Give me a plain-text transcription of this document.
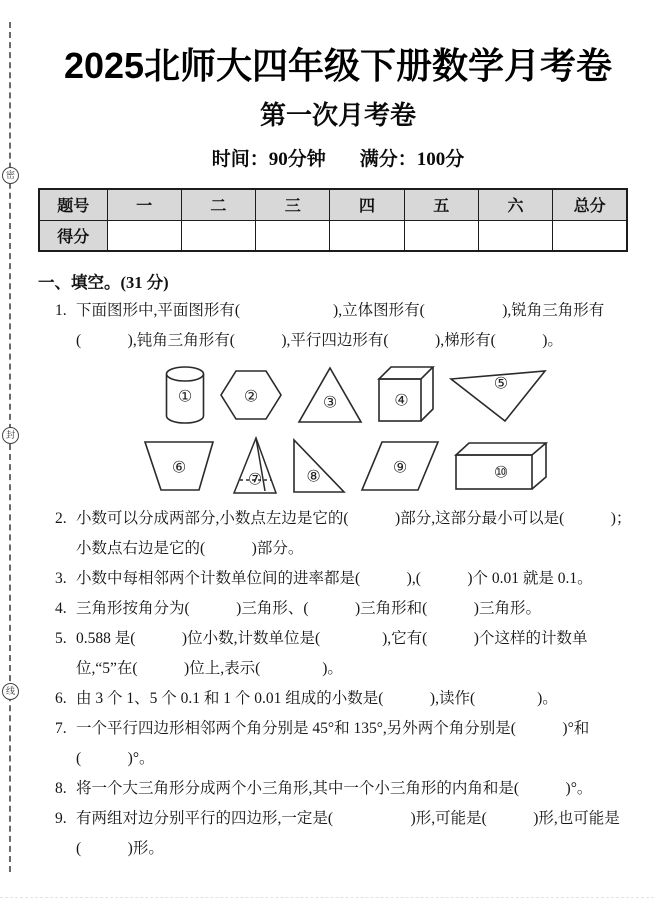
密
封
线
2025北师大四年级下册数学月考卷
第一次月考卷
时间：90分钟 满分：100分
题号	一	二	三	四	五	六	总分
得分							
一、填空。(31 分)
1. 下面图形中,平面图形有(　　　　　　),立体图形有(　　　　　),锐角三角形有
(　　　),钝角三角形有(　　　),平行四边形有(　　　),梯形有(　　　)。
①	②	③	④
⑤
⑥
⑦	⑧	⑨	⑩
2. 小数可以分成两部分,小数点左边是它的(　　　)部分,这部分最小可以是(　　　)；
小数点右边是它的(　　　)部分。
3. 小数中每相邻两个计数单位间的进率都是(　　　),(　　　)个 0.01 就是 0.1。
4. 三角形按角分为(　　　)三角形、(　　　)三角形和(　　　)三角形。
5. 0.588 是(　　　)位小数,计数单位是(　　　　),它有(　　　)个这样的计数单
位,“5”在(　　　)位上,表示(　　　　)。
6. 由 3 个 1、5 个 0.1 和 1 个 0.01 组成的小数是(　　　),读作(　　　　)。
7. 一个平行四边形相邻两个角分别是 45°和 135°,另外两个角分别是(　　　)°和
(　　　)°。
8. 将一个大三角形分成两个小三角形,其中一个小三角形的内角和是(　　　)°。
9. 有两组对边分别平行的四边形,一定是(　　　　　)形,可能是(　　　)形,也可能是
(　　　)形。
